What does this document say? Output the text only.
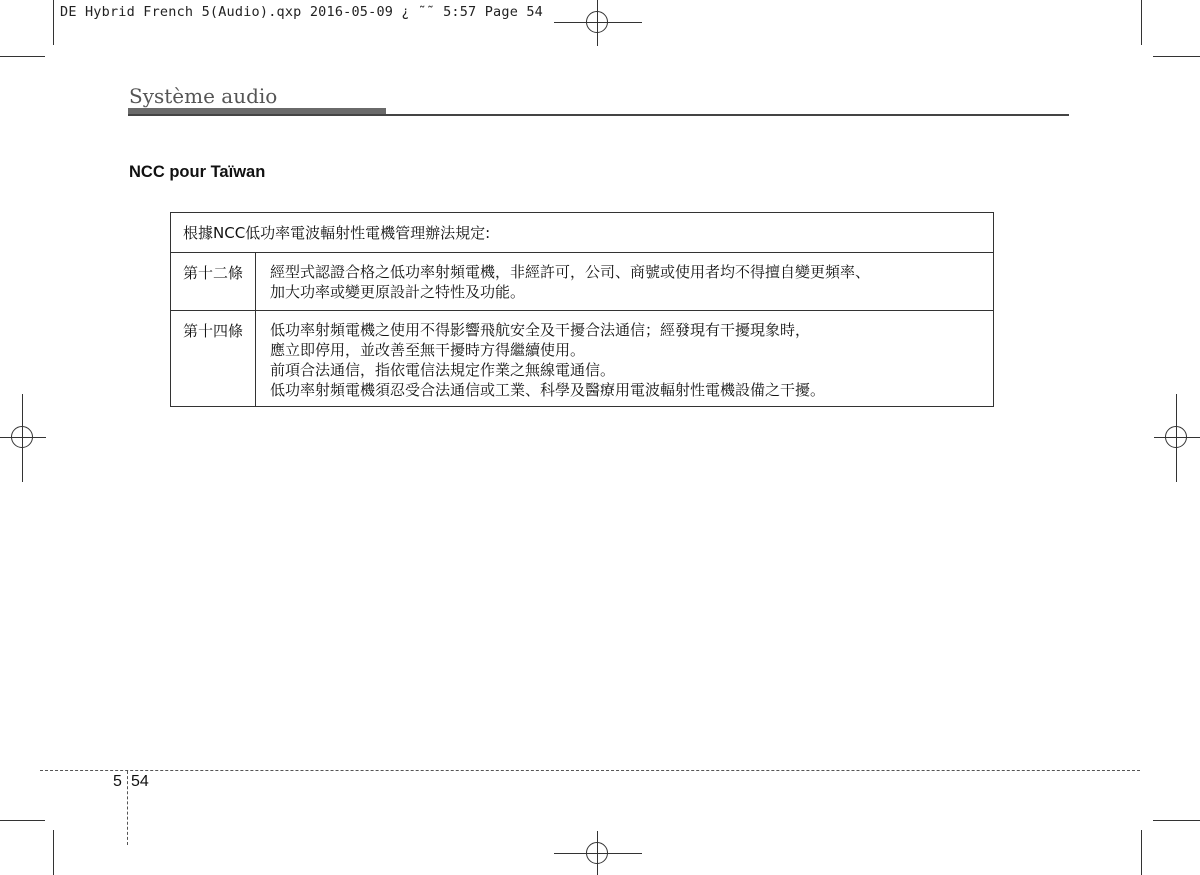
DE Hybrid French 5(Audio).qxp 2016-05-09 ¿ ˜˜ 5:57 Page 54
Système audio
NCC pour Taïwan
根據NCC低功率電波輻射性電機管理辦法規定:	
第十二條	經型式認證合格之低功率射頻電機，非經許可，公司、商號或使用者均不得擅自變更頻率、
加大功率或變更原設計之特性及功能。

第十四條	低功率射頻電機之使用不得影響飛航安全及干擾合法通信；經發現有干擾現象時，
應立即停用，並改善至無干擾時方得繼續使用。
前項合法通信，指依電信法規定作業之無線電通信。
低功率射頻電機須忍受合法通信或工業、科學及醫療用電波輻射性電機設備之干擾。
5 54
